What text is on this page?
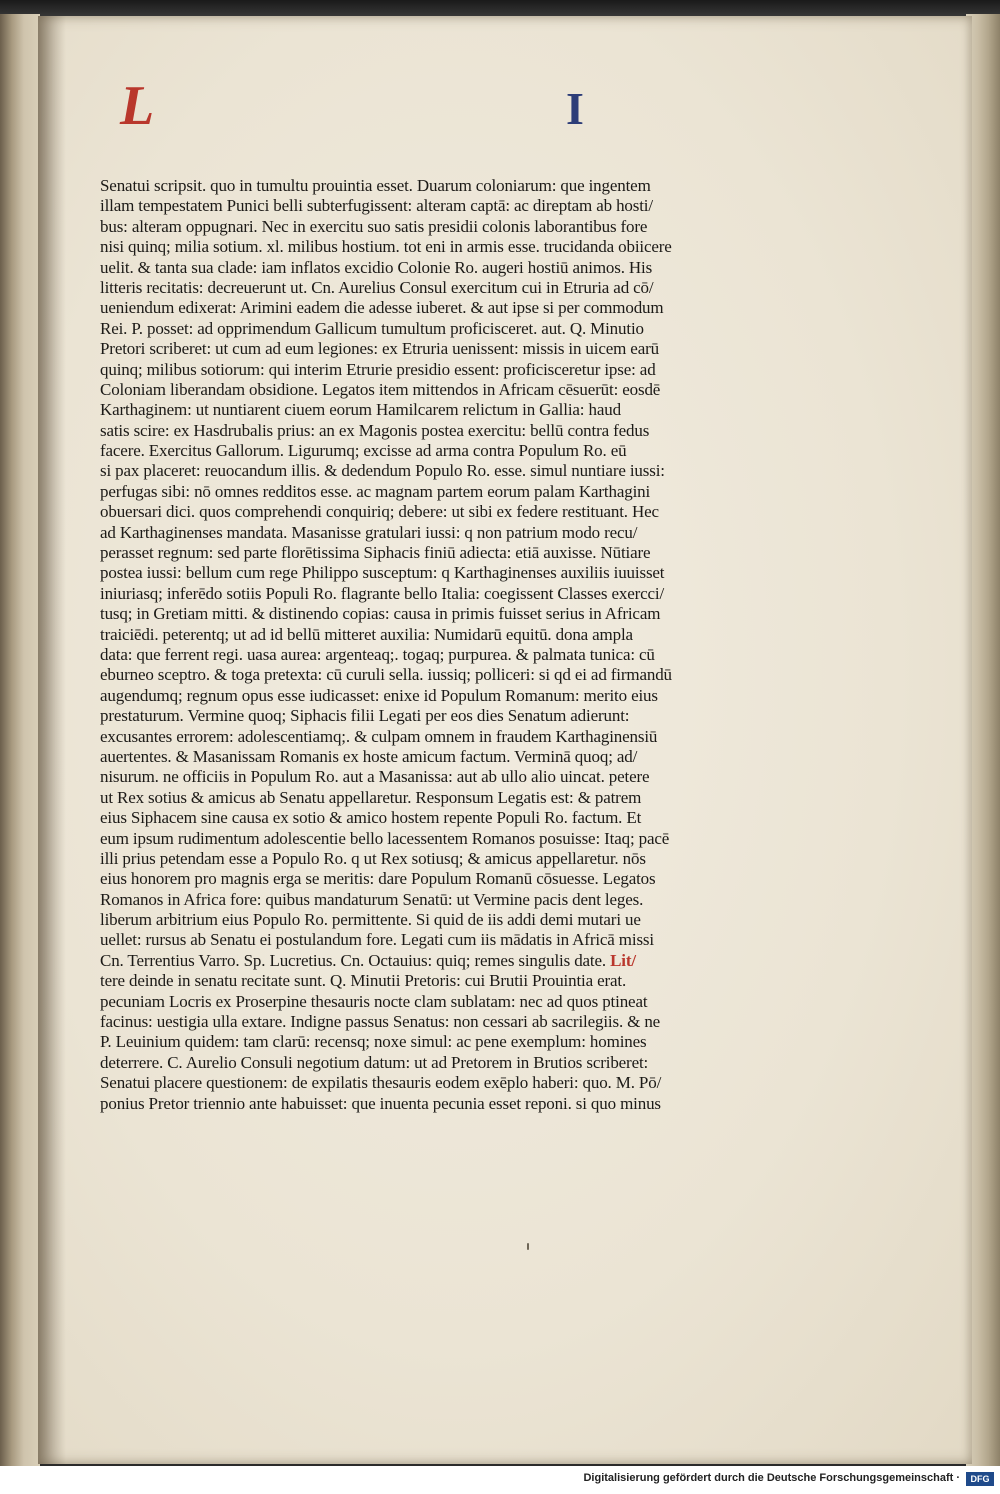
L	I
Senatui scripsit. quo in tumultu prouintia esset. Duarum coloniarum: que ingentem
illam tempestatem Punici belli subterfugissent: alteram captā: ac direptam ab hosti/
bus: alteram oppugnari. Nec in exercitu suo satis presidii colonis laborantibus fore
nisi quinq; milia sotium. xl. milibus hostium. tot eni in armis esse. trucidanda obiicere
uelit. & tanta sua clade: iam inflatos excidio Colonie Ro. augeri hostiū animos. His
litteris recitatis: decreuerunt ut. Cn. Aurelius Consul exercitum cui in Etruria ad cō/
ueniendum edixerat: Arimini eadem die adesse iuberet. & aut ipse si per commodum
Rei. P. posset: ad opprimendum Gallicum tumultum proficisceret. aut. Q. Minutio
Pretori scriberet: ut cum ad eum legiones: ex Etruria uenissent: missis in uicem earū
quinq; milibus sotiorum: qui interim Etrurie presidio essent: proficisceretur ipse: ad
Coloniam liberandam obsidione. Legatos item mittendos in Africam cēsuerūt: eosdē
Karthaginem: ut nuntiarent ciuem eorum Hamilcarem relictum in Gallia: haud
satis scire: ex Hasdrubalis prius: an ex Magonis postea exercitu: bellū contra fedus
facere. Exercitus Gallorum. Ligurumq; excisse ad arma contra Populum Ro. eū
si pax placeret: reuocandum illis. & dedendum Populo Ro. esse. simul nuntiare iussi:
perfugas sibi: nō omnes redditos esse. ac magnam partem eorum palam Karthagini
obuersari dici. quos comprehendi conquiriq; debere: ut sibi ex federe restituant. Hec
ad Karthaginenses mandata. Masanisse gratulari iussi: q non patrium modo recu/
perasset regnum: sed parte florētissima Siphacis finiū adiecta: etiā auxisse. Nūtiare
postea iussi: bellum cum rege Philippo susceptum: q Karthaginenses auxiliis iuuisset
iniuriasq; inferēdo sotiis Populi Ro. flagrante bello Italia: coegissent Classes exercci/
tusq; in Gretiam mitti. & distinendo copias: causa in primis fuisset serius in Africam
traiciēdi. peterentq; ut ad id bellū mitteret auxilia: Numidarū equitū. dona ampla
data: que ferrent regi. uasa aurea: argenteaq;. togaq; purpurea. & palmata tunica: cū
eburneo sceptro. & toga pretexta: cū curuli sella. iussiq; polliceri: si qd ei ad firmandū
augendumq; regnum opus esse iudicasset: enixe id Populum Romanum: merito eius
prestaturum. Vermine quoq; Siphacis filii Legati per eos dies Senatum adierunt:
excusantes errorem: adolescentiamq;. & culpam omnem in fraudem Karthaginensiū
auertentes. & Masanissam Romanis ex hoste amicum factum. Verminā quoq; ad/
nisurum. ne officiis in Populum Ro. aut a Masanissa: aut ab ullo alio uincat. petere
ut Rex sotius & amicus ab Senatu appellaretur. Responsum Legatis est: & patrem
eius Siphacem sine causa ex sotio & amico hostem repente Populi Ro. factum. Et
eum ipsum rudimentum adolescentie bello lacessentem Romanos posuisse: Itaq; pacē
illi prius petendam esse a Populo Ro. q ut Rex sotiusq; & amicus appellaretur. nōs
eius honorem pro magnis erga se meritis: dare Populum Romanū cōsuesse. Legatos
Romanos in Africa fore: quibus mandaturum Senatū: ut Vermine pacis dent leges.
liberum arbitrium eius Populo Ro. permittente. Si quid de iis addi demi mutari ue
uellet: rursus ab Senatu ei postulandum fore. Legati cum iis mādatis in Africā missi
Cn. Terrentius Varro. Sp. Lucretius. Cn. Octauius: quiq; remes singulis date. Lit/
tere deinde in senatu recitate sunt. Q. Minutii Pretoris: cui Brutii Prouintia erat.
pecuniam Locris ex Proserpine thesauris nocte clam sublatam: nec ad quos ptineat
facinus: uestigia ulla extare. Indigne passus Senatus: non cessari ab sacrilegiis. & ne
P. Leuinium quidem: tam clarū: recensq; noxe simul: ac pene exemplum: homines
deterrere. C. Aurelio Consuli negotium datum: ut ad Pretorem in Brutios scriberet:
Senatui placere questionem: de expilatis thesauris eodem exēplo haberi: quo. M. Pō/
ponius Pretor triennio ante habuisset: que inuenta pecunia esset reponi. si quo minus
Digitalisierung gefördert durch die Deutsche Forschungsgemeinschaft ·	DFG
